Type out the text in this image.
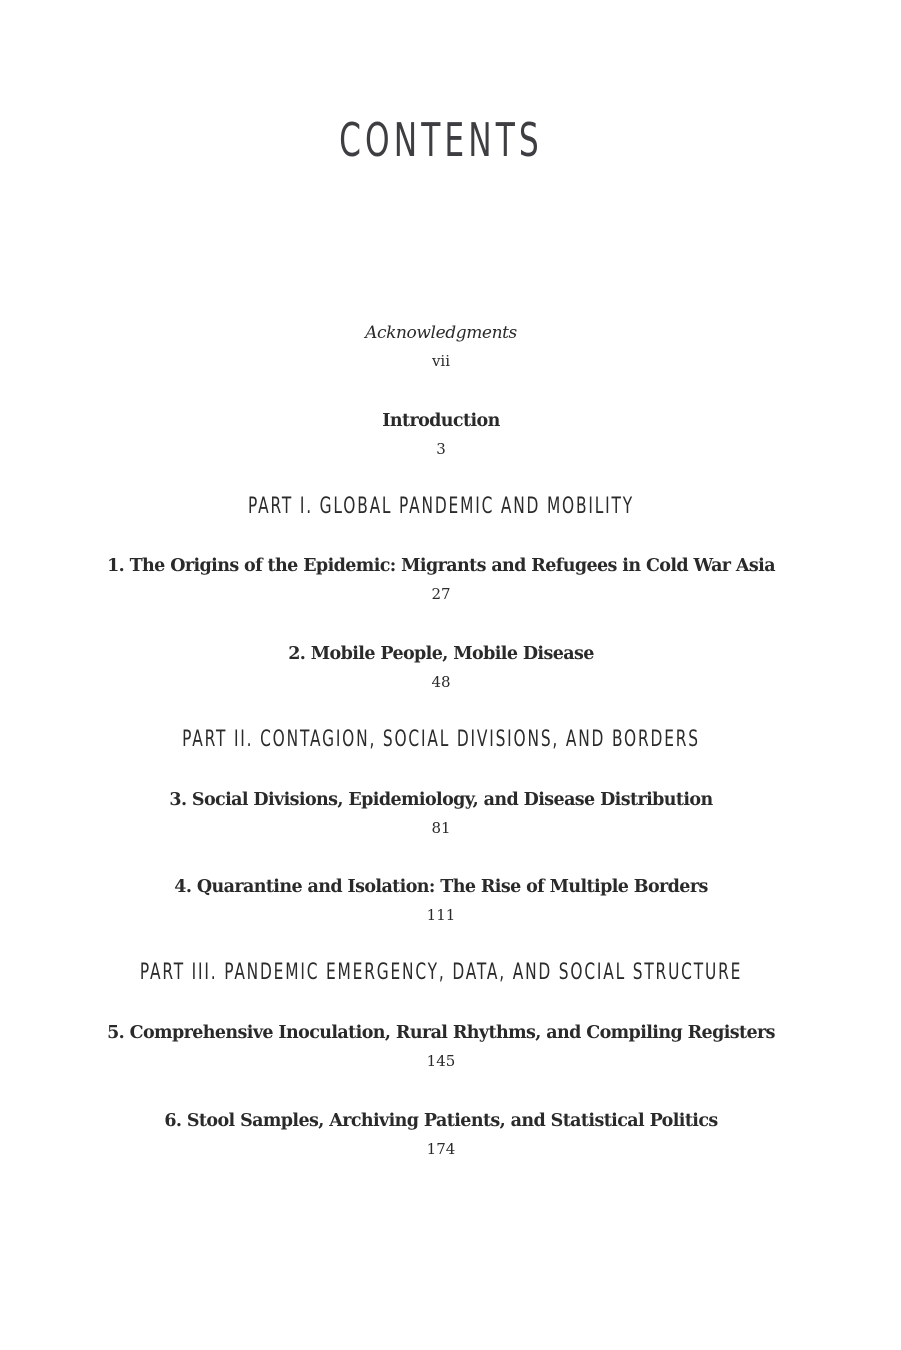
CONTENTS
Acknowledgments
vii
Introduction
3
PART I. GLOBAL PANDEMIC AND MOBILITY
1. The Origins of the Epidemic: Migrants and Refugees in Cold War Asia
27
2. Mobile People, Mobile Disease
48
PART II. CONTAGION, SOCIAL DIVISIONS, AND BORDERS
3. Social Divisions, Epidemiology, and Disease Distribution
81
4. Quarantine and Isolation: The Rise of Multiple Borders
111
PART III. PANDEMIC EMERGENCY, DATA, AND SOCIAL STRUCTURE
5. Comprehensive Inoculation, Rural Rhythms, and Compiling Registers
145
6. Stool Samples, Archiving Patients, and Statistical Politics
174
